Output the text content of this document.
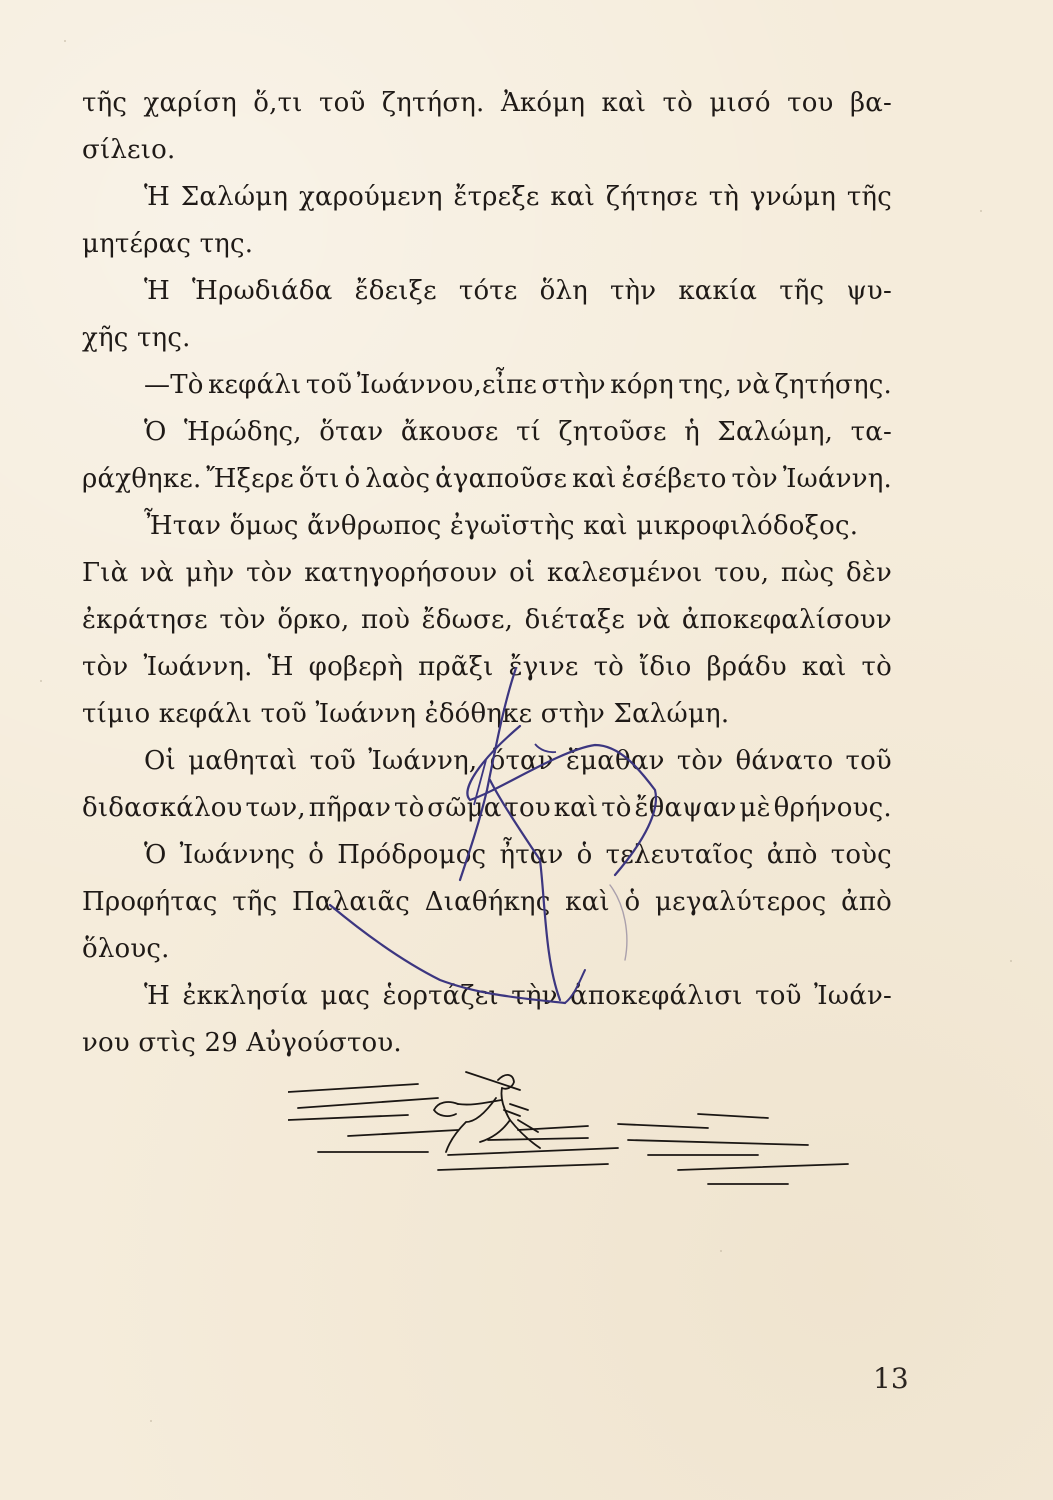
τῆς χαρίση ὅ,τι τοῦ ζητήση. Ἀκόμη καὶ τὸ μισό του βα-
σίλειο.
Ἡ Σαλώμη χαρούμενη ἔτρεξε καὶ ζήτησε τὴ γνώμη τῆς
μητέρας της.
Ἡ Ἡρωδιάδα ἔδειξε τότε ὅλη τὴν κακία τῆς ψυ-
χῆς της.
—Τὸ κεφάλι τοῦ Ἰωάννου,εἶπε στὴν κόρη της, νὰ ζητήσης.
Ὁ Ἡρώδης, ὅταν ἄκουσε τί ζητοῦσε ἡ Σαλώμη, τα-
ράχθηκε. Ἤξερε ὅτι ὁ λαὸς ἀγαποῦσε καὶ ἐσέβετο τὸν Ἰωάννη.
Ἦταν ὅμως ἄνθρωπος ἐγωϊστὴς καὶ μικροφιλόδοξος.
Γιὰ νὰ μὴν τὸν κατηγορήσουν οἱ καλεσμένοι του, πὼς δὲν
ἐκράτησε τὸν ὅρκο, ποὺ ἔδωσε, διέταξε νὰ ἀποκεφαλίσουν
τὸν Ἰωάννη. Ἡ φοβερὴ πρᾶξι ἔγινε τὸ ἴδιο βράδυ καὶ τὸ
τίμιο κεφάλι τοῦ Ἰωάννη ἐδόθηκε στὴν Σαλώμη.
Οἱ μαθηταὶ τοῦ Ἰωάννη, ὅταν ἔμαθαν τὸν θάνατο τοῦ
διδασκάλου των, πῆραν τὸ σῶμα του καὶ τὸ ἔθαψαν μὲ θρήνους.
Ὁ Ἰωάννης ὁ Πρόδρομος ἦταν ὁ τελευταῖος ἀπὸ τοὺς
Προφήτας τῆς Παλαιᾶς Διαθήκης καὶ ὁ μεγαλύτερος ἀπὸ
ὅλους.
Ἡ ἐκκλησία μας ἑορτάζει τὴν ἀποκεφάλισι τοῦ Ἰωάν-
νου στὶς 29 Αὐγούστου.
13
